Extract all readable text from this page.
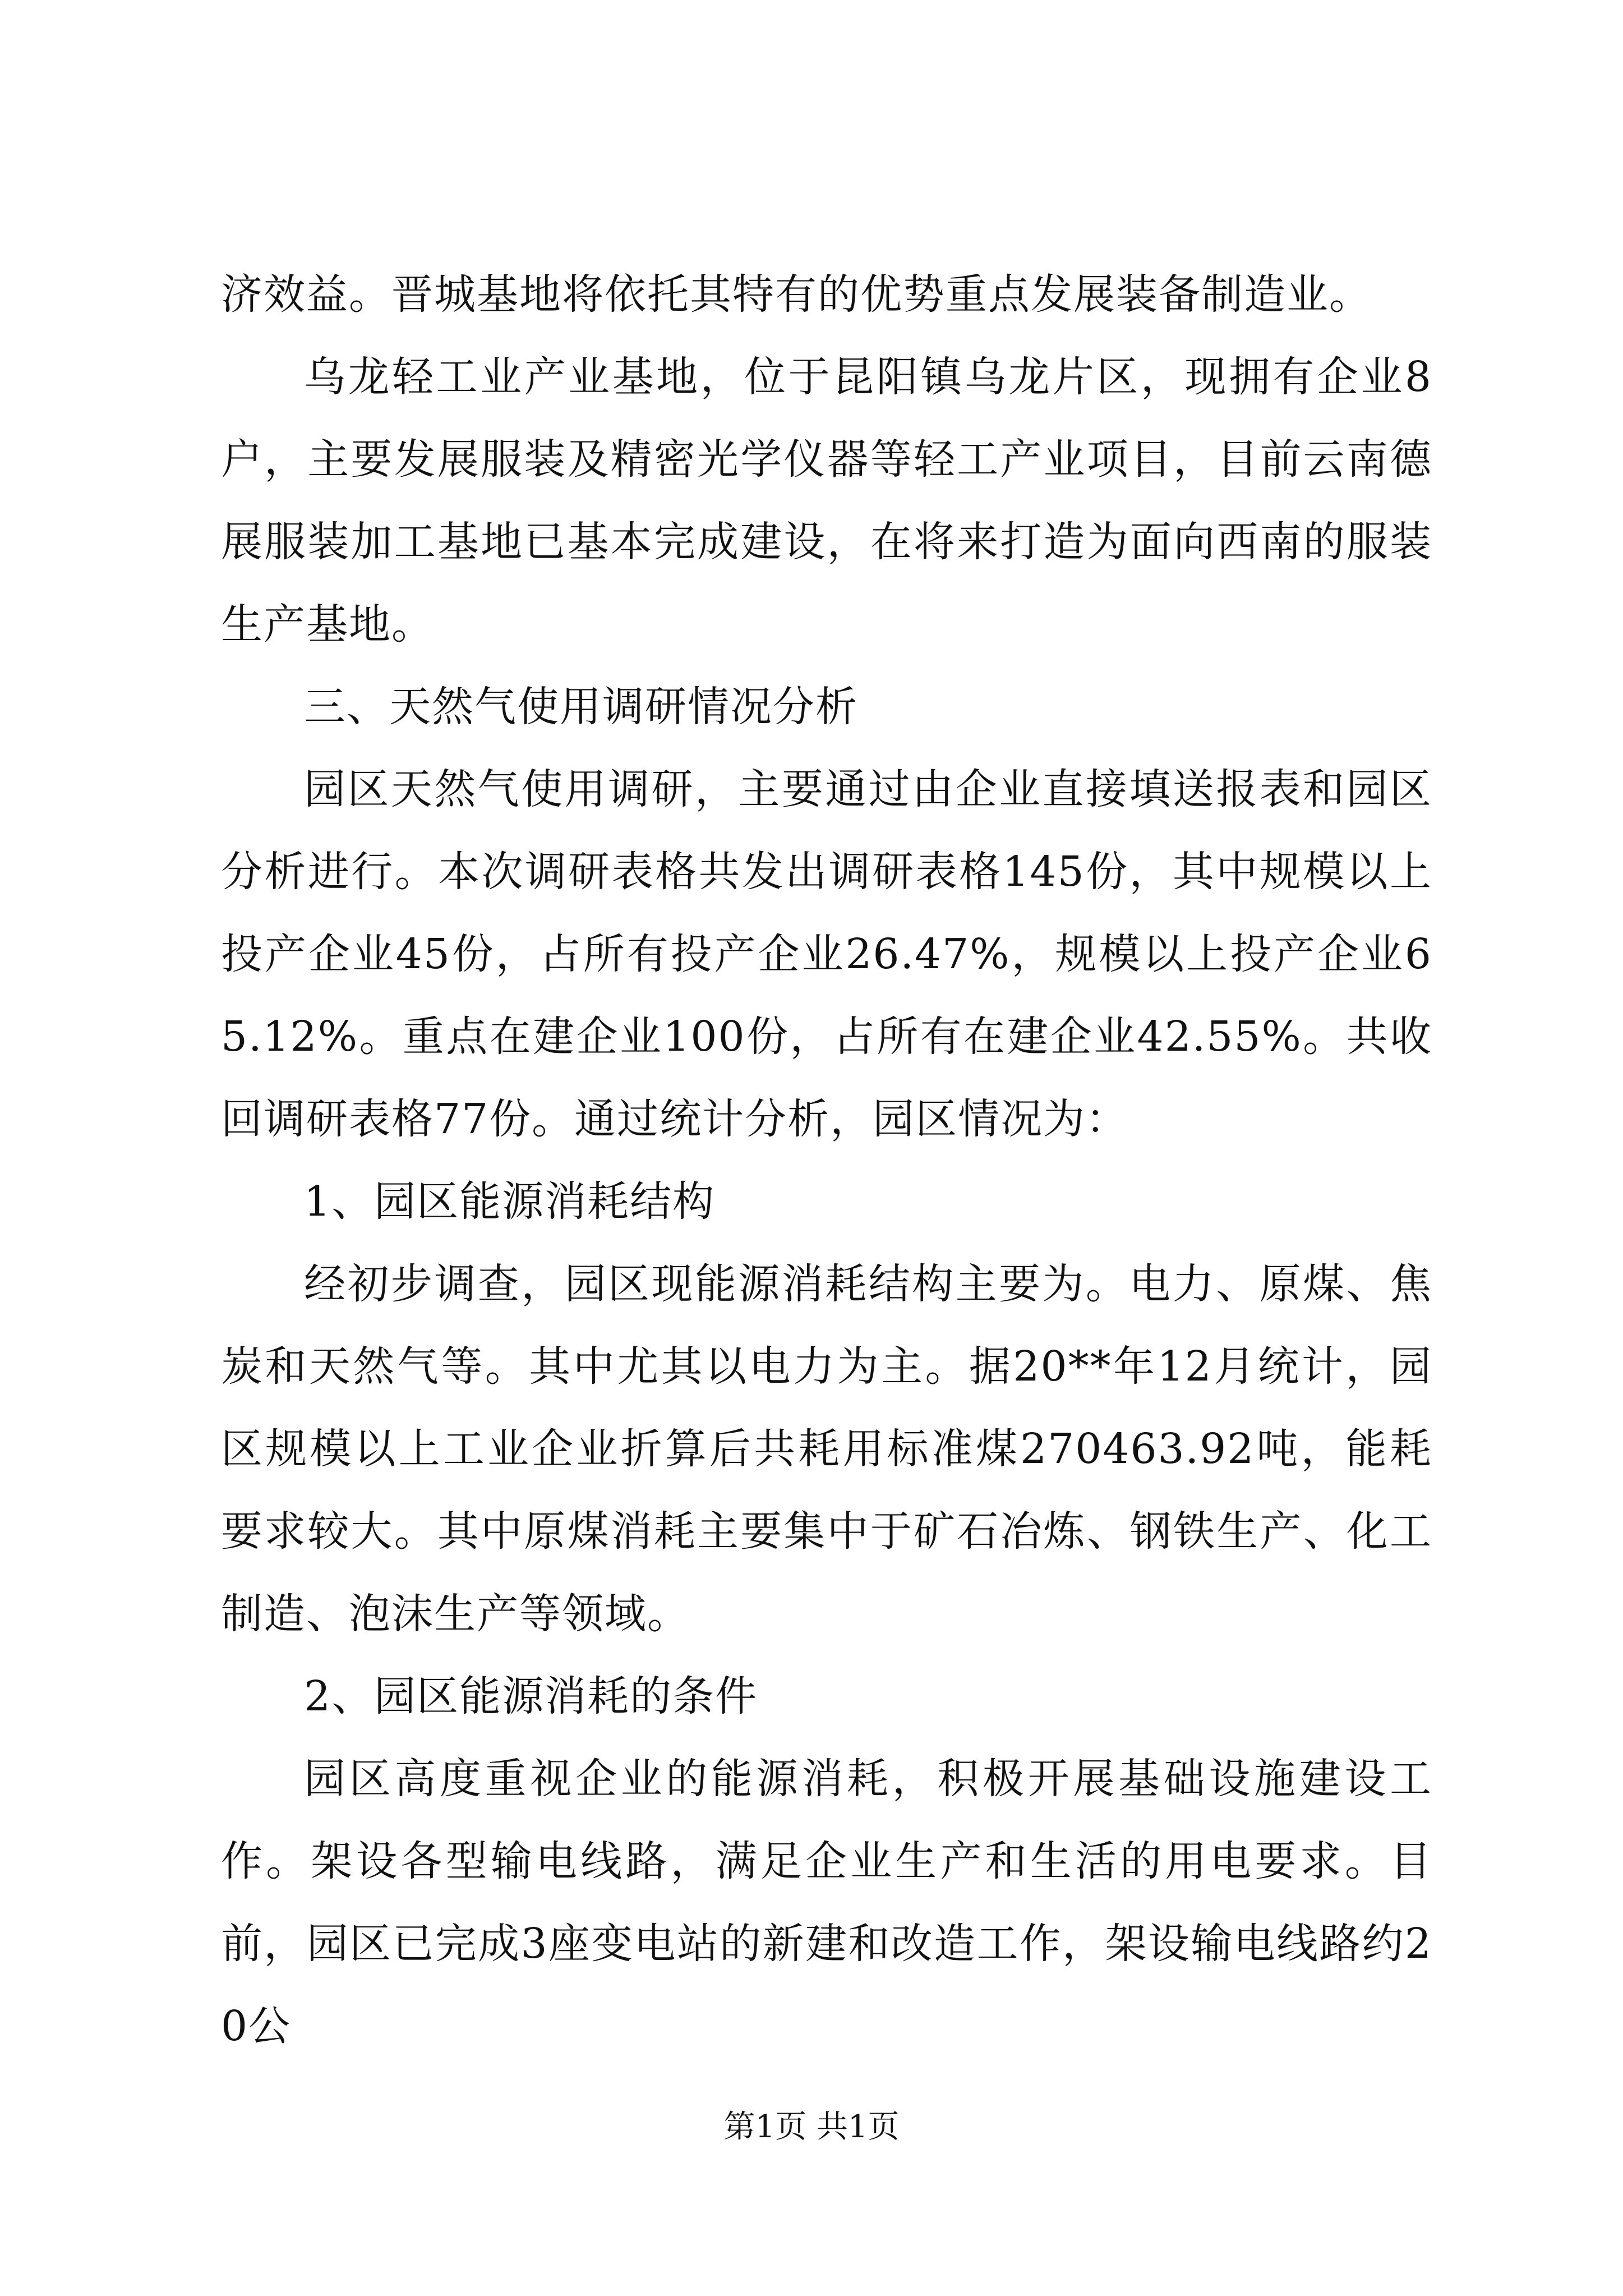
济效益。晋城基地将依托其特有的优势重点发展装备制造业。

乌龙轻工业产业基地，位于昆阳镇乌龙片区，现拥有企业8户，主要发展服装及精密光学仪器等轻工产业项目，目前云南德展服装加工基地已基本完成建设，在将来打造为面向西南的服装生产基地。

三、天然气使用调研情况分析

园区天然气使用调研，主要通过由企业直接填送报表和园区分析进行。本次调研表格共发出调研表格145份，其中规模以上投产企业45份，占所有投产企业26.47%，规模以上投产企业65.12%。重点在建企业100份，占所有在建企业42.55%。共收回调研表格77份。通过统计分析，园区情况为：

1、园区能源消耗结构

经初步调查，园区现能源消耗结构主要为。电力、原煤、焦炭和天然气等。其中尤其以电力为主。据20**年12月统计，园区规模以上工业企业折算后共耗用标准煤270463.92吨，能耗要求较大。其中原煤消耗主要集中于矿石冶炼、钢铁生产、化工制造、泡沫生产等领域。

2、园区能源消耗的条件

园区高度重视企业的能源消耗，积极开展基础设施建设工作。架设各型输电线路，满足企业生产和生活的用电要求。目前，园区已完成3座变电站的新建和改造工作，架设输电线路约20公

第1页 共1页
